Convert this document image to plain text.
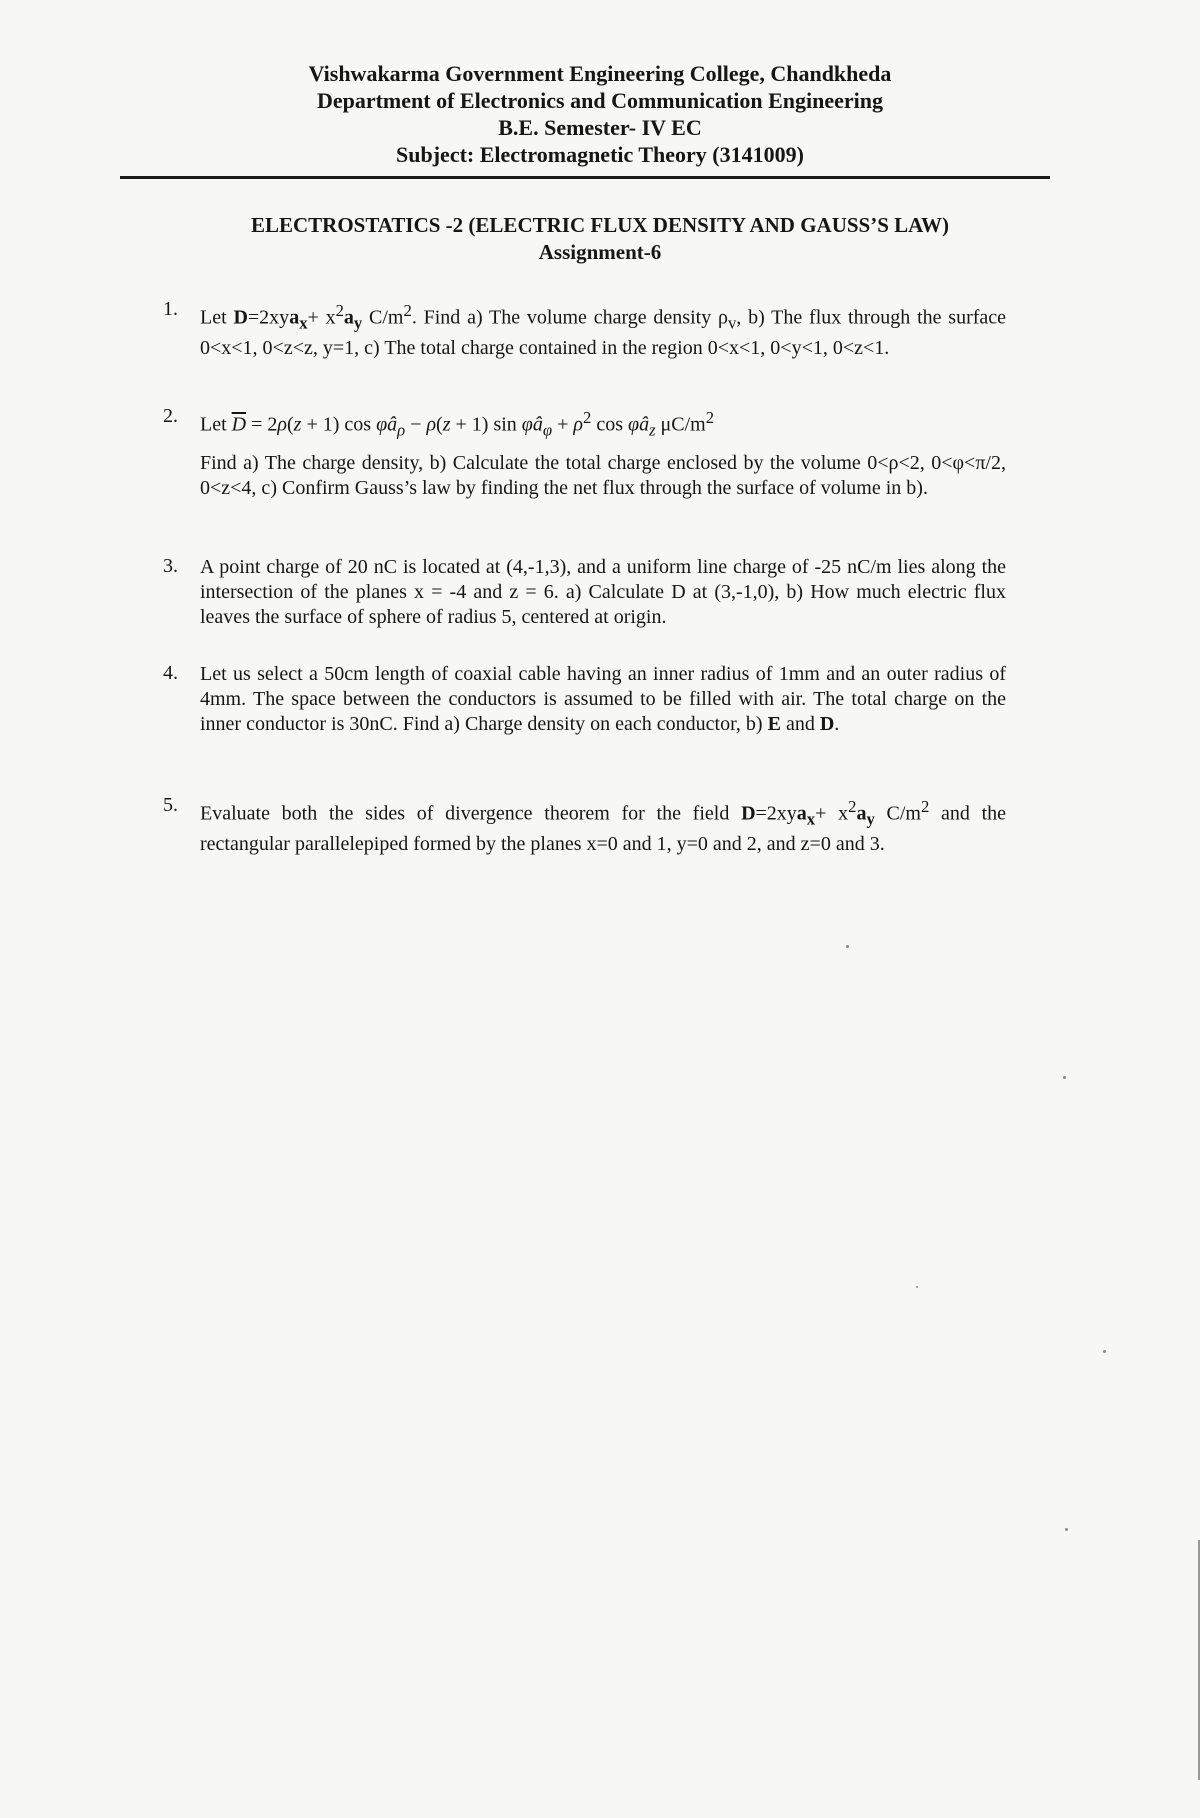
Vishwakarma Government Engineering College, Chandkheda
Department of Electronics and Communication Engineering
B.E. Semester- IV EC
Subject: Electromagnetic Theory (3141009)
ELECTROSTATICS -2 (ELECTRIC FLUX DENSITY AND GAUSS’S LAW)
Assignment-6
1. Let $D=2xya_x+ x^2a_y$ $C/m^2$. Find a) The volume charge density $\rho_v$, b) The flux through the surface 0<x<1, 0<z<z, y=1, c) The total charge contained in the region 0<x<1, 0<y<1, 0<z<1.
2. Let $\overline{D} = 2\rho(z + 1)$ $\cos \varphi â_\rho - \rho(z + 1)$ $\sin \varphi â_\varphi + \rho^2$ $\cos \varphi â_z$ $\mu C/m^2$
Find a) The charge density, b) Calculate the total charge enclosed by the volume 0<ρ<2, 0<φ<π/2, 0<z<4, c) Confirm Gauss’s law by finding the net flux through the surface of volume in b).
3. A point charge of 20 nC is located at (4,-1,3), and a uniform line charge of -25 nC/m lies along the intersection of the planes x = -4 and z = 6. a) Calculate D at (3,-1,0), b) How much electric flux leaves the surface of sphere of radius 5, centered at origin.
4. Let us select a 50cm length of coaxial cable having an inner radius of 1mm and an outer radius of 4mm. The space between the conductors is assumed to be filled with air. The total charge on the inner conductor is 30nC. Find a) Charge density on each conductor, b) E and D.
5. Evaluate both the sides of divergence theorem for the field $D=2xya_x+ x^2a_y$ $C/m^2$ and the rectangular parallelepiped formed by the planes x=0 and 1, y=0 and 2, and z=0 and 3.
